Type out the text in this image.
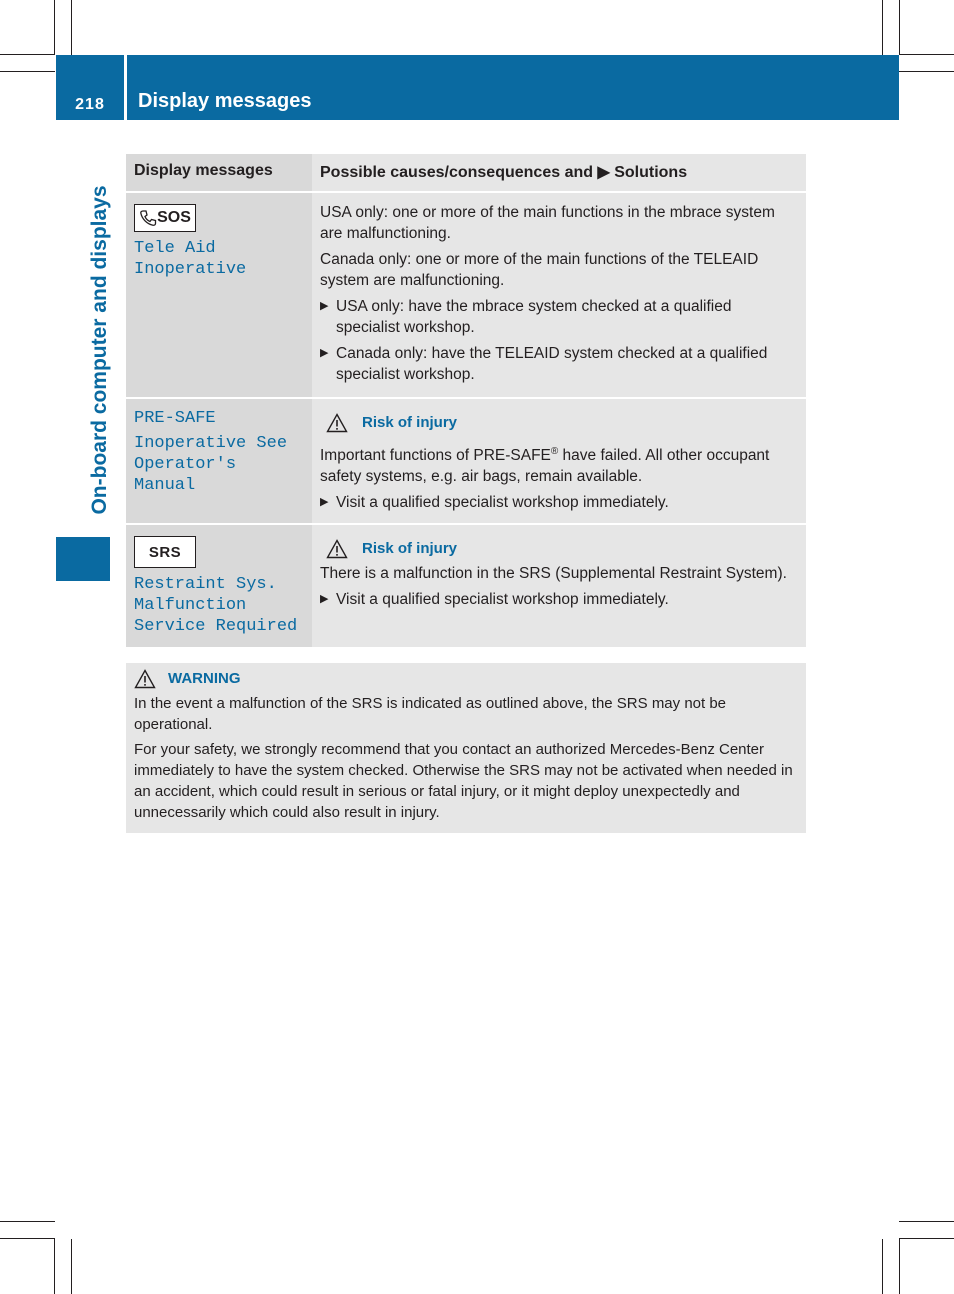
218	Display messages
On-board computer and displays
Display messages	Possible causes/consequences and ▶ Solutions
SOS

Tele Aid

Inoperative

USA only: one or more of the main functions in the mbrace system are malfunctioning.

Canada only: one or more of the main functions of the TELEAID system are malfunctioning.

▶ USA only: have the mbrace system checked at a qualified specialist workshop.
▶ Canada only: have the TELEAID system checked at a qualified specialist workshop.

PRE-SAFE

Inoperative See

Operator's Manual

Risk of injury

Important functions of PRE-SAFE® have failed. All other occupant safety systems, e.g. air bags, remain available.

▶ Visit a qualified specialist workshop immediately.
SRS

Restraint Sys.

Malfunction

Service Required

Risk of injury

There is a malfunction in the SRS (Supplemental Restraint System).

▶ Visit a qualified specialist workshop immediately.
WARNING

In the event a malfunction of the SRS is indicated as outlined above, the SRS may not be operational.

For your safety, we strongly recommend that you contact an authorized Mercedes-Benz Center immediately to have the system checked. Otherwise the SRS may not be activated when needed in an accident, which could result in serious or fatal injury, or it might deploy unexpectedly and unnecessarily which could also result in injury.
